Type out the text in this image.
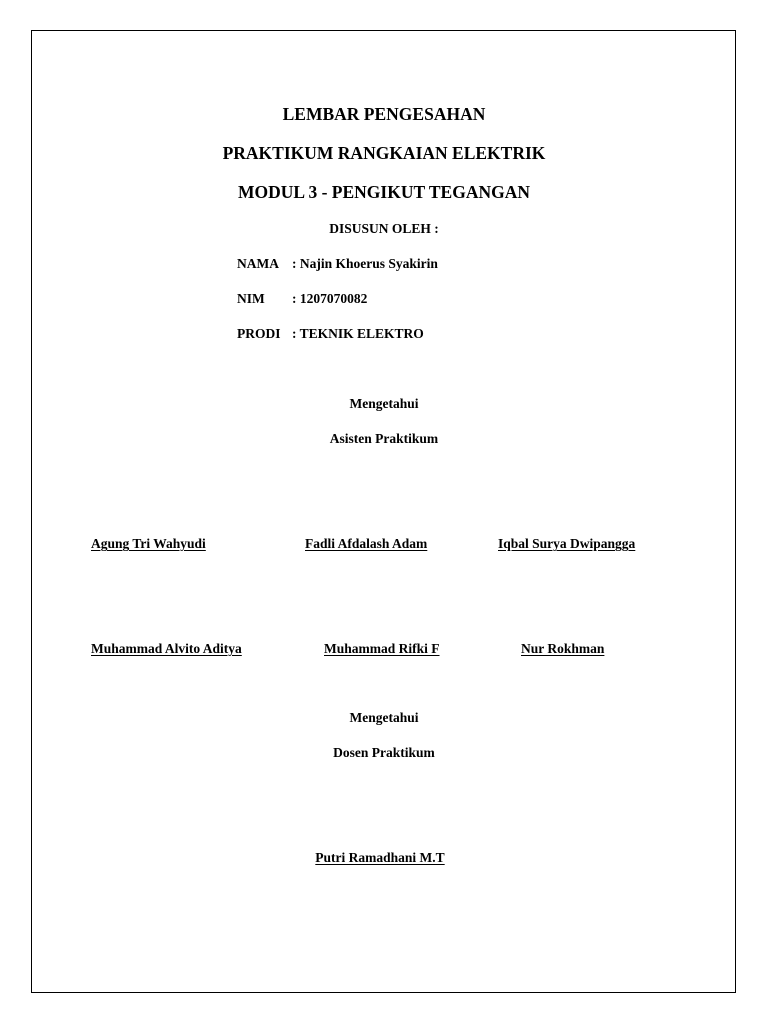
LEMBAR PENGESAHAN
PRAKTIKUM RANGKAIAN ELEKTRIK
MODUL 3 - PENGIKUT TEGANGAN
DISUSUN OLEH :
NAMA : Najin Khoerus Syakirin
NIM : 1207070082
PRODI : TEKNIK ELEKTRO
Mengetahui
Asisten Praktikum
Agung Tri Wahyudi	Fadli Afdalash Adam	Iqbal Surya Dwipangga
Muhammad Alvito Aditya	Muhammad Rifki F	Nur Rokhman
Mengetahui
Dosen Praktikum
Putri Ramadhani M.T
